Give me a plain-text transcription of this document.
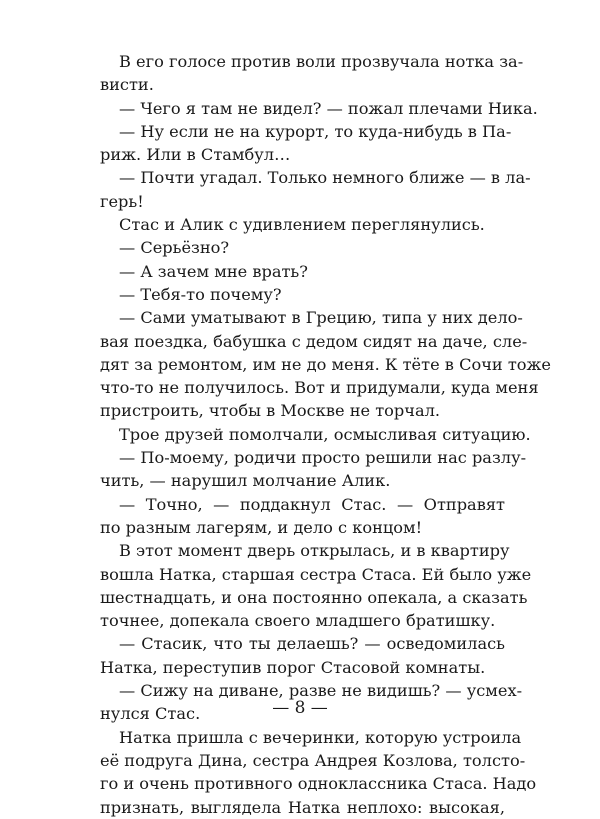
В его голосе против воли прозвучала нотка за-
висти.
— Чего я там не видел? — пожал плечами Ника.
— Ну если не на курорт, то куда-нибудь в Па-
риж. Или в Стамбул…
— Почти угадал. Только немного ближе — в ла-
герь!
Стас и Алик с удивлением переглянулись.
— Серьёзно?
— А зачем мне врать?
— Тебя-то почему?
— Сами уматывают в Грецию, типа у них дело-
вая поездка, бабушка с дедом сидят на даче, сле-
дят за ремонтом, им не до меня. К тёте в Сочи тоже
что-то не получилось. Вот и придумали, куда меня
пристроить, чтобы в Москве не торчал.
Трое друзей помолчали, осмысливая ситуацию.
— По-моему, родичи просто решили нас разлу-
чить, — нарушил молчание Алик.
— Точно, — поддакнул Стас. — Отправят
по разным лагерям, и дело с концом!
В этот момент дверь открылась, и в квартиру
вошла Натка, старшая сестра Стаса. Ей было уже
шестнадцать, и она постоянно опекала, а сказать
точнее, допекала своего младшего братишку.
— Стасик, что ты делаешь? — осведомилась
Натка, переступив порог Стасовой комнаты.
— Сижу на диване, разве не видишь? — усмех-
нулся Стас.
Натка пришла с вечеринки, которую устроила
её подруга Дина, сестра Андрея Козлова, толсто-
го и очень противного одноклассника Стаса. Надо
признать, выглядела Натка неплохо: высокая,
— 8 —
